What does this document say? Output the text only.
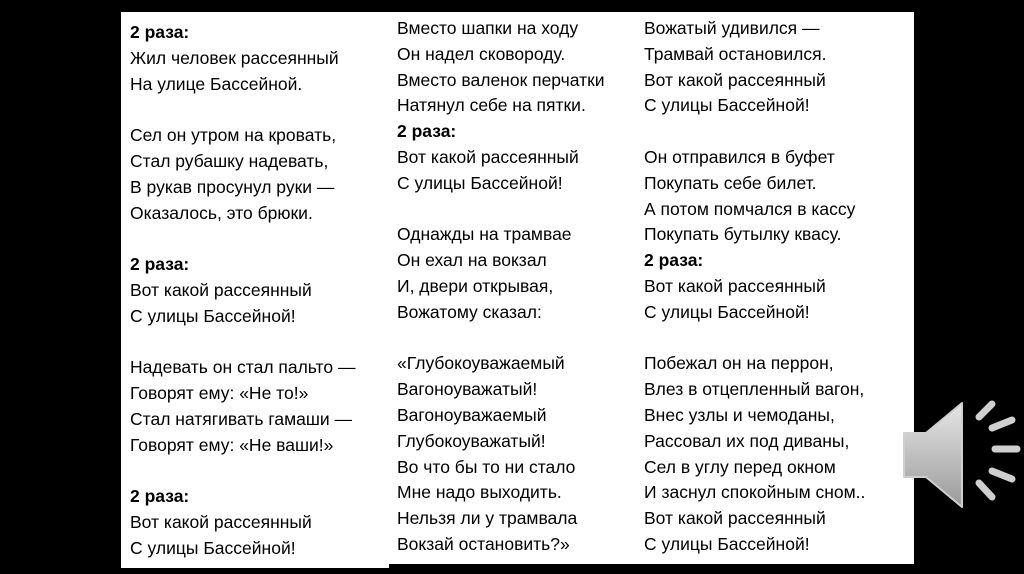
2 раза:
Жил человек рассеянный
На улице Бассейной.
Сел он утром на кровать,
Стал рубашку надевать,
В рукав просунул руки —
Оказалось, это брюки.
2 раза:
Вот какой рассеянный
С улицы Бассейной!
Надевать он стал пальто —
Говорят ему: «Не то!»
Стал натягивать гамаши —
Говорят ему: «Не ваши!»
2 раза:
Вот какой рассеянный
С улицы Бассейной!
Вместо шапки на ходу
Он надел сковороду.
Вместо валенок перчатки
Натянул себе на пятки.
2 раза:
Вот какой рассеянный
С улицы Бассейной!
Однажды на трамвае
Он ехал на вокзал
И, двери открывая,
Вожатому сказал:
«Глубокоуважаемый
Вагоноуважатый!
Вагоноуважаемый
Глубокоуважатый!
Во что бы то ни стало
Мне надо выходить.
Нельзя ли у трамвала
Вокзай остановить?»
Вожатый удивился —
Трамвай остановился.
Вот какой рассеянный
С улицы Бассейной!
Он отправился в буфет
Покупать себе билет.
А потом помчался в кассу
Покупать бутылку квасу.
2 раза:
Вот какой рассеянный
С улицы Бассейной!
Побежал он на перрон,
Влез в отцепленный вагон,
Внес узлы и чемоданы,
Рассовал их под диваны,
Сел в углу перед окном
И заснул спокойным сном..
Вот какой рассеянный
С улицы Бассейной!
